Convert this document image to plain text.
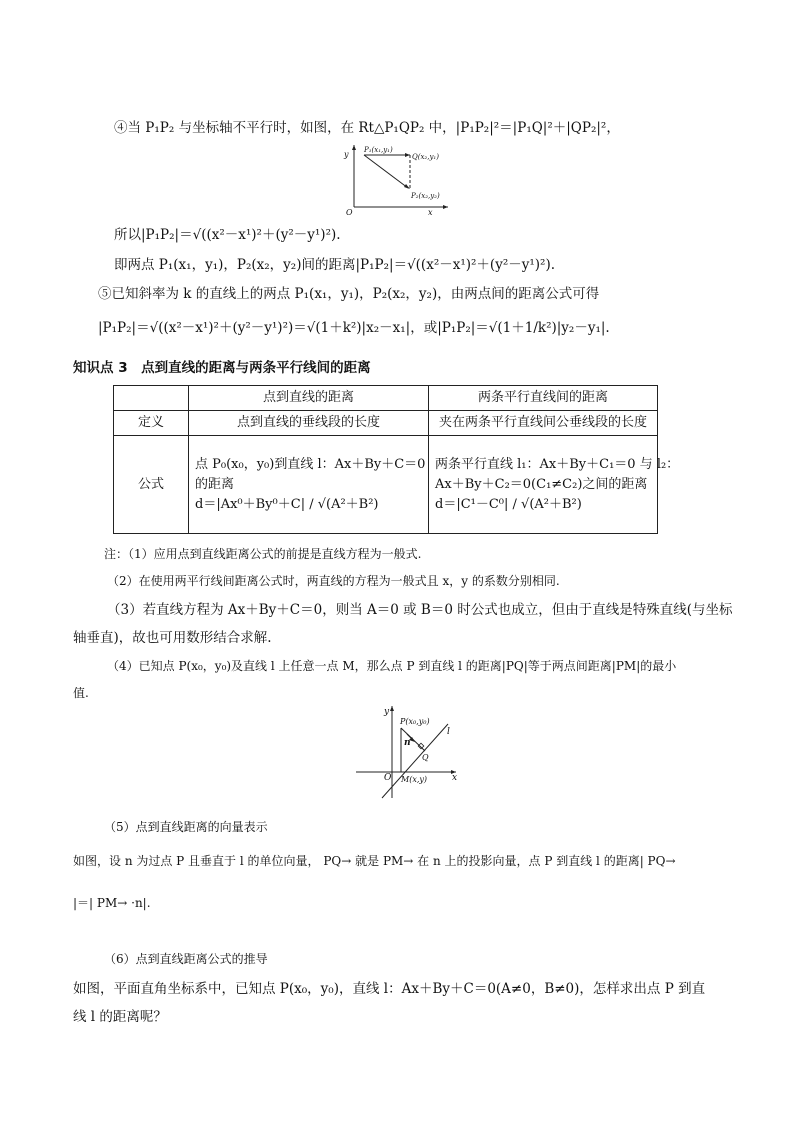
④当 P₁P₂ 与坐标轴不平行时，如图，在 Rt△P₁QP₂ 中，|P₁P₂|²＝|P₁Q|²＋|QP₂|²，
y P₁(x₁,y₁)
Q(x₂,y₁)
P₂(x₂,y₂)
O	x
所以|P₁P₂|＝√((x²－x¹)²＋(y²－y¹)²).
即两点 P₁(x₁，y₁)，P₂(x₂，y₂)间的距离|P₁P₂|＝√((x²－x¹)²＋(y²－y¹)²).
⑤已知斜率为 k 的直线上的两点 P₁(x₁，y₁)，P₂(x₂，y₂)，由两点间的距离公式可得
|P₁P₂|＝√((x²－x¹)²＋(y²－y¹)²)＝√(1＋k²)|x₂－x₁|，或|P₁P₂|＝√(1＋1/k²)|y₂－y₁|.
知识点 3　点到直线的距离与两条平行线间的距离
	点到直线的距离	两条平行直线间的距离
定义	点到直线的垂线段的长度	夹在两条平行直线间公垂线段的长度
公式	点 P₀(x₀，y₀)到直线 l：Ax＋By＋C＝0
的距离
d＝|Ax⁰＋By⁰＋C| / √(A²＋B²)	两条平行直线 l₁：Ax＋By＋C₁＝0 与 l₂：
Ax＋By＋C₂＝0(C₁≠C₂)之间的距离
d＝|C¹－C⁰| / √(A²＋B²)
注：（1）应用点到直线距离公式的前提是直线方程为一般式.
（2）在使用两平行线间距离公式时，两直线的方程为一般式且 x，y 的系数分别相同.
（3）若直线方程为 Ax＋By＋C＝0，则当 A＝0 或 B＝0 时公式也成立，但由于直线是特殊直线(与坐标
轴垂直)，故也可用数形结合求解.
（4）已知点 P(x₀，y₀)及直线 l 上任意一点 M，那么点 P 到直线 l 的距离|PQ|等于两点间距离|PM|的最小
值.
y
P(x₀,y₀)
l
n
Q
O M(x,y)	x
（5）点到直线距离的向量表示
如图，设 n 为过点 P 且垂直于 l 的单位向量， PQ→ 就是 PM→ 在 n 上的投影向量，点 P 到直线 l 的距离| PQ→
|＝| PM→ ·n|.
（6）点到直线距离公式的推导
如图，平面直角坐标系中，已知点 P(x₀，y₀)，直线 l：Ax＋By＋C＝0(A≠0，B≠0)，怎样求出点 P 到直
线 l 的距离呢？
